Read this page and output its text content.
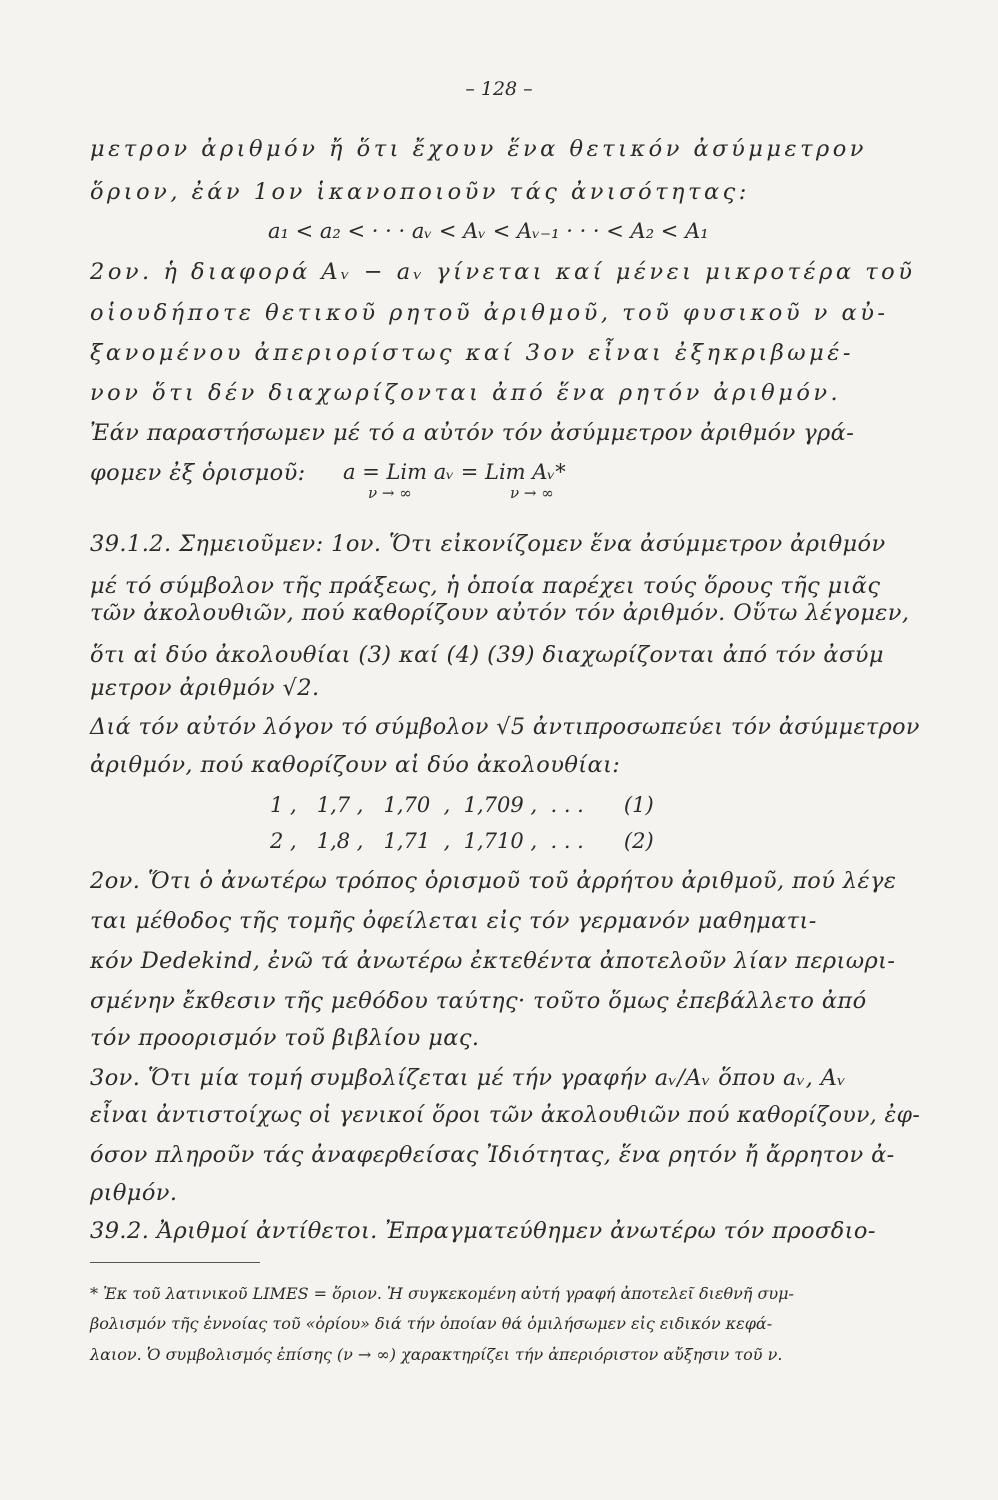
– 128 –
μετρον ἀριθμόν ἤ ὅτι ἔχουν ἕνα θετικόν ἀσύμμετρον
ὅριον, ἐάν 1ον ἱκανοποιοῦν τάς ἀνισότητας:
a₁ < a₂ < · · · aᵥ < Aᵥ < Aᵥ₋₁ · · · < A₂ < A₁
2ον. ἡ διαφορά Aᵥ − aᵥ γίνεται καί μένει μικροτέρα τοῦ
οἱουδήποτε θετικοῦ ρητοῦ ἀριθμοῦ, τοῦ φυσικοῦ ν αὐ-
ξανομένου ἀπεριορίστως καί 3ον εἶναι ἐξηκριβωμέ-
νον ὅτι δέν διαχωρίζονται ἀπό ἕνα ρητόν ἀριθμόν.
Ἐάν παραστήσωμεν μέ τό a αὐτόν τόν ἀσύμμετρον ἀριθμόν γρά-
φομεν ἐξ ὁρισμοῦ:	a = Lim aᵥ = Lim Aᵥ*
ν → ∞	ν → ∞
39.1.2. Σημειοῦμεν: 1ον. Ὅτι εἰκονίζομεν ἕνα ἀσύμμετρον ἀριθμόν
μέ τό σύμβολον τῆς πράξεως, ἡ ὁποία παρέχει τούς ὅρους τῆς μιᾶς
τῶν ἀκολουθιῶν, πού καθορίζουν αὐτόν τόν ἀριθμόν. Οὕτω λέγομεν,
ὅτι αἱ δύο ἀκολουθίαι (3) καί (4) (39) διαχωρίζονται ἀπό τόν ἀσύμ
μετρον ἀριθμόν √2.
Διά τόν αὐτόν λόγον τό σύμβολον √5 ἀντιπροσωπεύει τόν ἀσύμμετρον
ἀριθμόν, πού καθορίζουν αἱ δύο ἀκολουθίαι:
1 ,   1,7 ,   1,70  ,  1,709 ,  . . .      (1)
2 ,   1,8 ,   1,71  ,  1,710 ,  . . .      (2)
2ον. Ὅτι ὁ ἀνωτέρω τρόπος ὁρισμοῦ τοῦ ἀρρήτου ἀριθμοῦ, πού λέγε
ται μέθοδος τῆς τομῆς ὀφείλεται εἰς τόν γερμανόν μαθηματι-
κόν Dedekind, ἐνῶ τά ἀνωτέρω ἐκτεθέντα ἀποτελοῦν λίαν περιωρι-
σμένην ἔκθεσιν τῆς μεθόδου ταύτης· τοῦτο ὅμως ἐπεβάλλετο ἀπό
τόν προορισμόν τοῦ βιβλίου μας.
3ον. Ὅτι μία τομή συμβολίζεται μέ τήν γραφήν aᵥ/Aᵥ ὅπου aᵥ, Aᵥ
εἶναι ἀντιστοίχως οἱ γενικοί ὅροι τῶν ἀκολουθιῶν πού καθορίζουν, ἐφ-
όσον πληροῦν τάς ἀναφερθείσας Ἰδιότητας, ἕνα ρητόν ἤ ἄρρητον ἀ-
ριθμόν.
39.2. Ἀριθμοί ἀντίθετοι. Ἐπραγματεύθημεν ἀνωτέρω τόν προσδιο-
* Ἐκ τοῦ λατινικοῦ LIMES = ὅριον. Ἡ συγκεκομένη αὐτή γραφή ἀποτελεῖ διεθνῆ συμ-
βολισμόν τῆς ἐννοίας τοῦ «ὁρίου» διά τήν ὁποίαν θά ὁμιλήσωμεν εἰς ειδικόν κεφά-
λαιον. Ὁ συμβολισμός ἐπίσης (ν → ∞) χαρακτηρίζει τήν ἀπεριόριστον αὔξησιν τοῦ ν.
